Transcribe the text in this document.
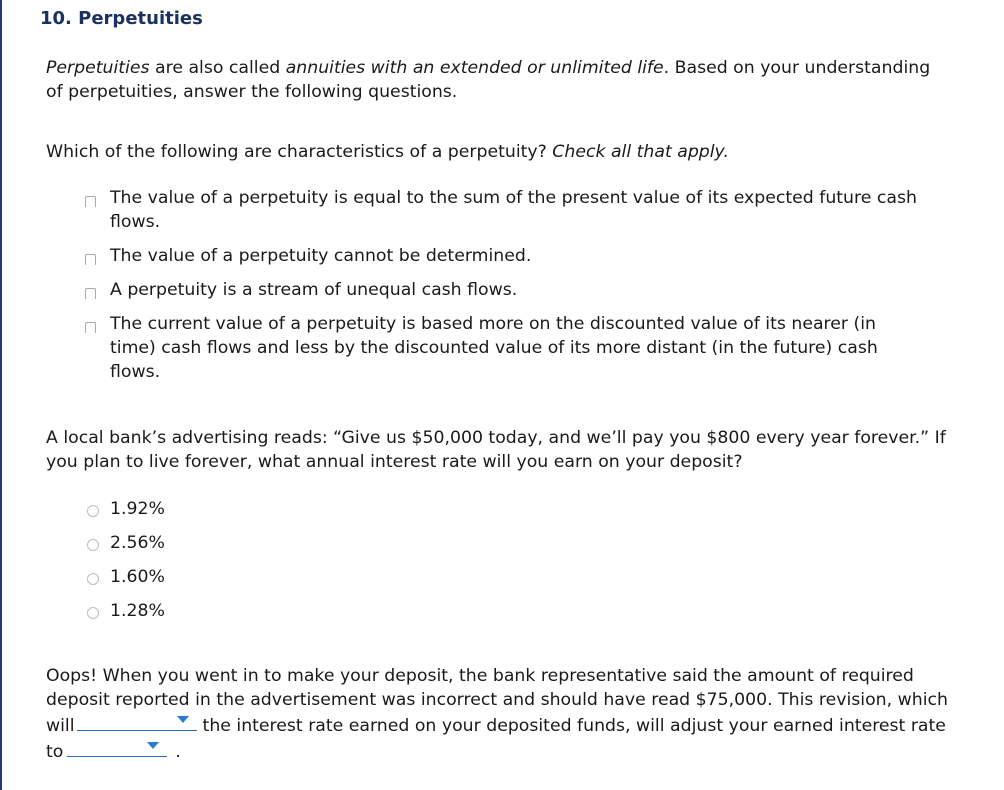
10. Perpetuities

Perpetuities are also called annuities with an extended or unlimited life. Based on your understanding of perpetuities, answer the following questions.

Which of the following are characteristics of a perpetuity? Check all that apply.

The value of a perpetuity is equal to the sum of the present value of its expected future cash flows.
The value of a perpetuity cannot be determined.
A perpetuity is a stream of unequal cash flows.
The current value of a perpetuity is based more on the discounted value of its nearer (in time) cash flows and less by the discounted value of its more distant (in the future) cash flows.

A local bank’s advertising reads: “Give us $50,000 today, and we’ll pay you $800 every year forever.” If you plan to live forever, what annual interest rate will you earn on your deposit?

1.92%
2.56%
1.60%
1.28%

Oops! When you went in to make your deposit, the bank representative said the amount of required deposit reported in the advertisement was incorrect and should have read $75,000. This revision, which will	the interest rate earned on your deposited funds, will adjust your earned interest rate to	.
